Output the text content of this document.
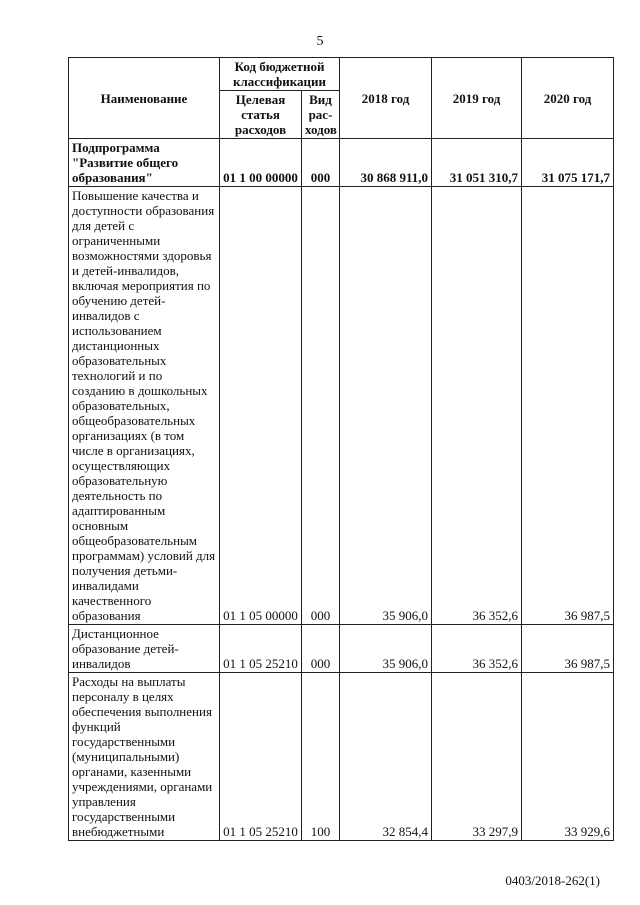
5
Наименование	Код бюджетной классификации		2018 год	2019 год	2020 год
	Целевая статья расходов	Вид рас-ходов			
Подпрограмма "Развитие общего образования"	01 1 00 00000	000	30 868 911,0	31 051 310,7	31 075 171,7
Повышение качества и доступности образования для детей с ограниченными возможностями здоровья и детей-инвалидов, включая мероприятия по обучению детей-инвалидов с использованием дистанционных образовательных технологий и по созданию в дошкольных образовательных, общеобразовательных организациях (в том числе в организациях, осуществляющих образовательную деятельность по адаптированным основным общеобразовательным программам) условий для получения детьми-инвалидами качественного образования	01 1 05 00000	000	35 906,0	36 352,6	36 987,5
Дистанционное образование детей-инвалидов	01 1 05 25210	000	35 906,0	36 352,6	36 987,5
Расходы на выплаты персоналу в целях обеспечения выполнения функций государственными (муниципальными) органами, казенными учреждениями, органами управления государственными внебюджетными	01 1 05 25210	100	32 854,4	33 297,9	33 929,6
0403/2018-262(1)
